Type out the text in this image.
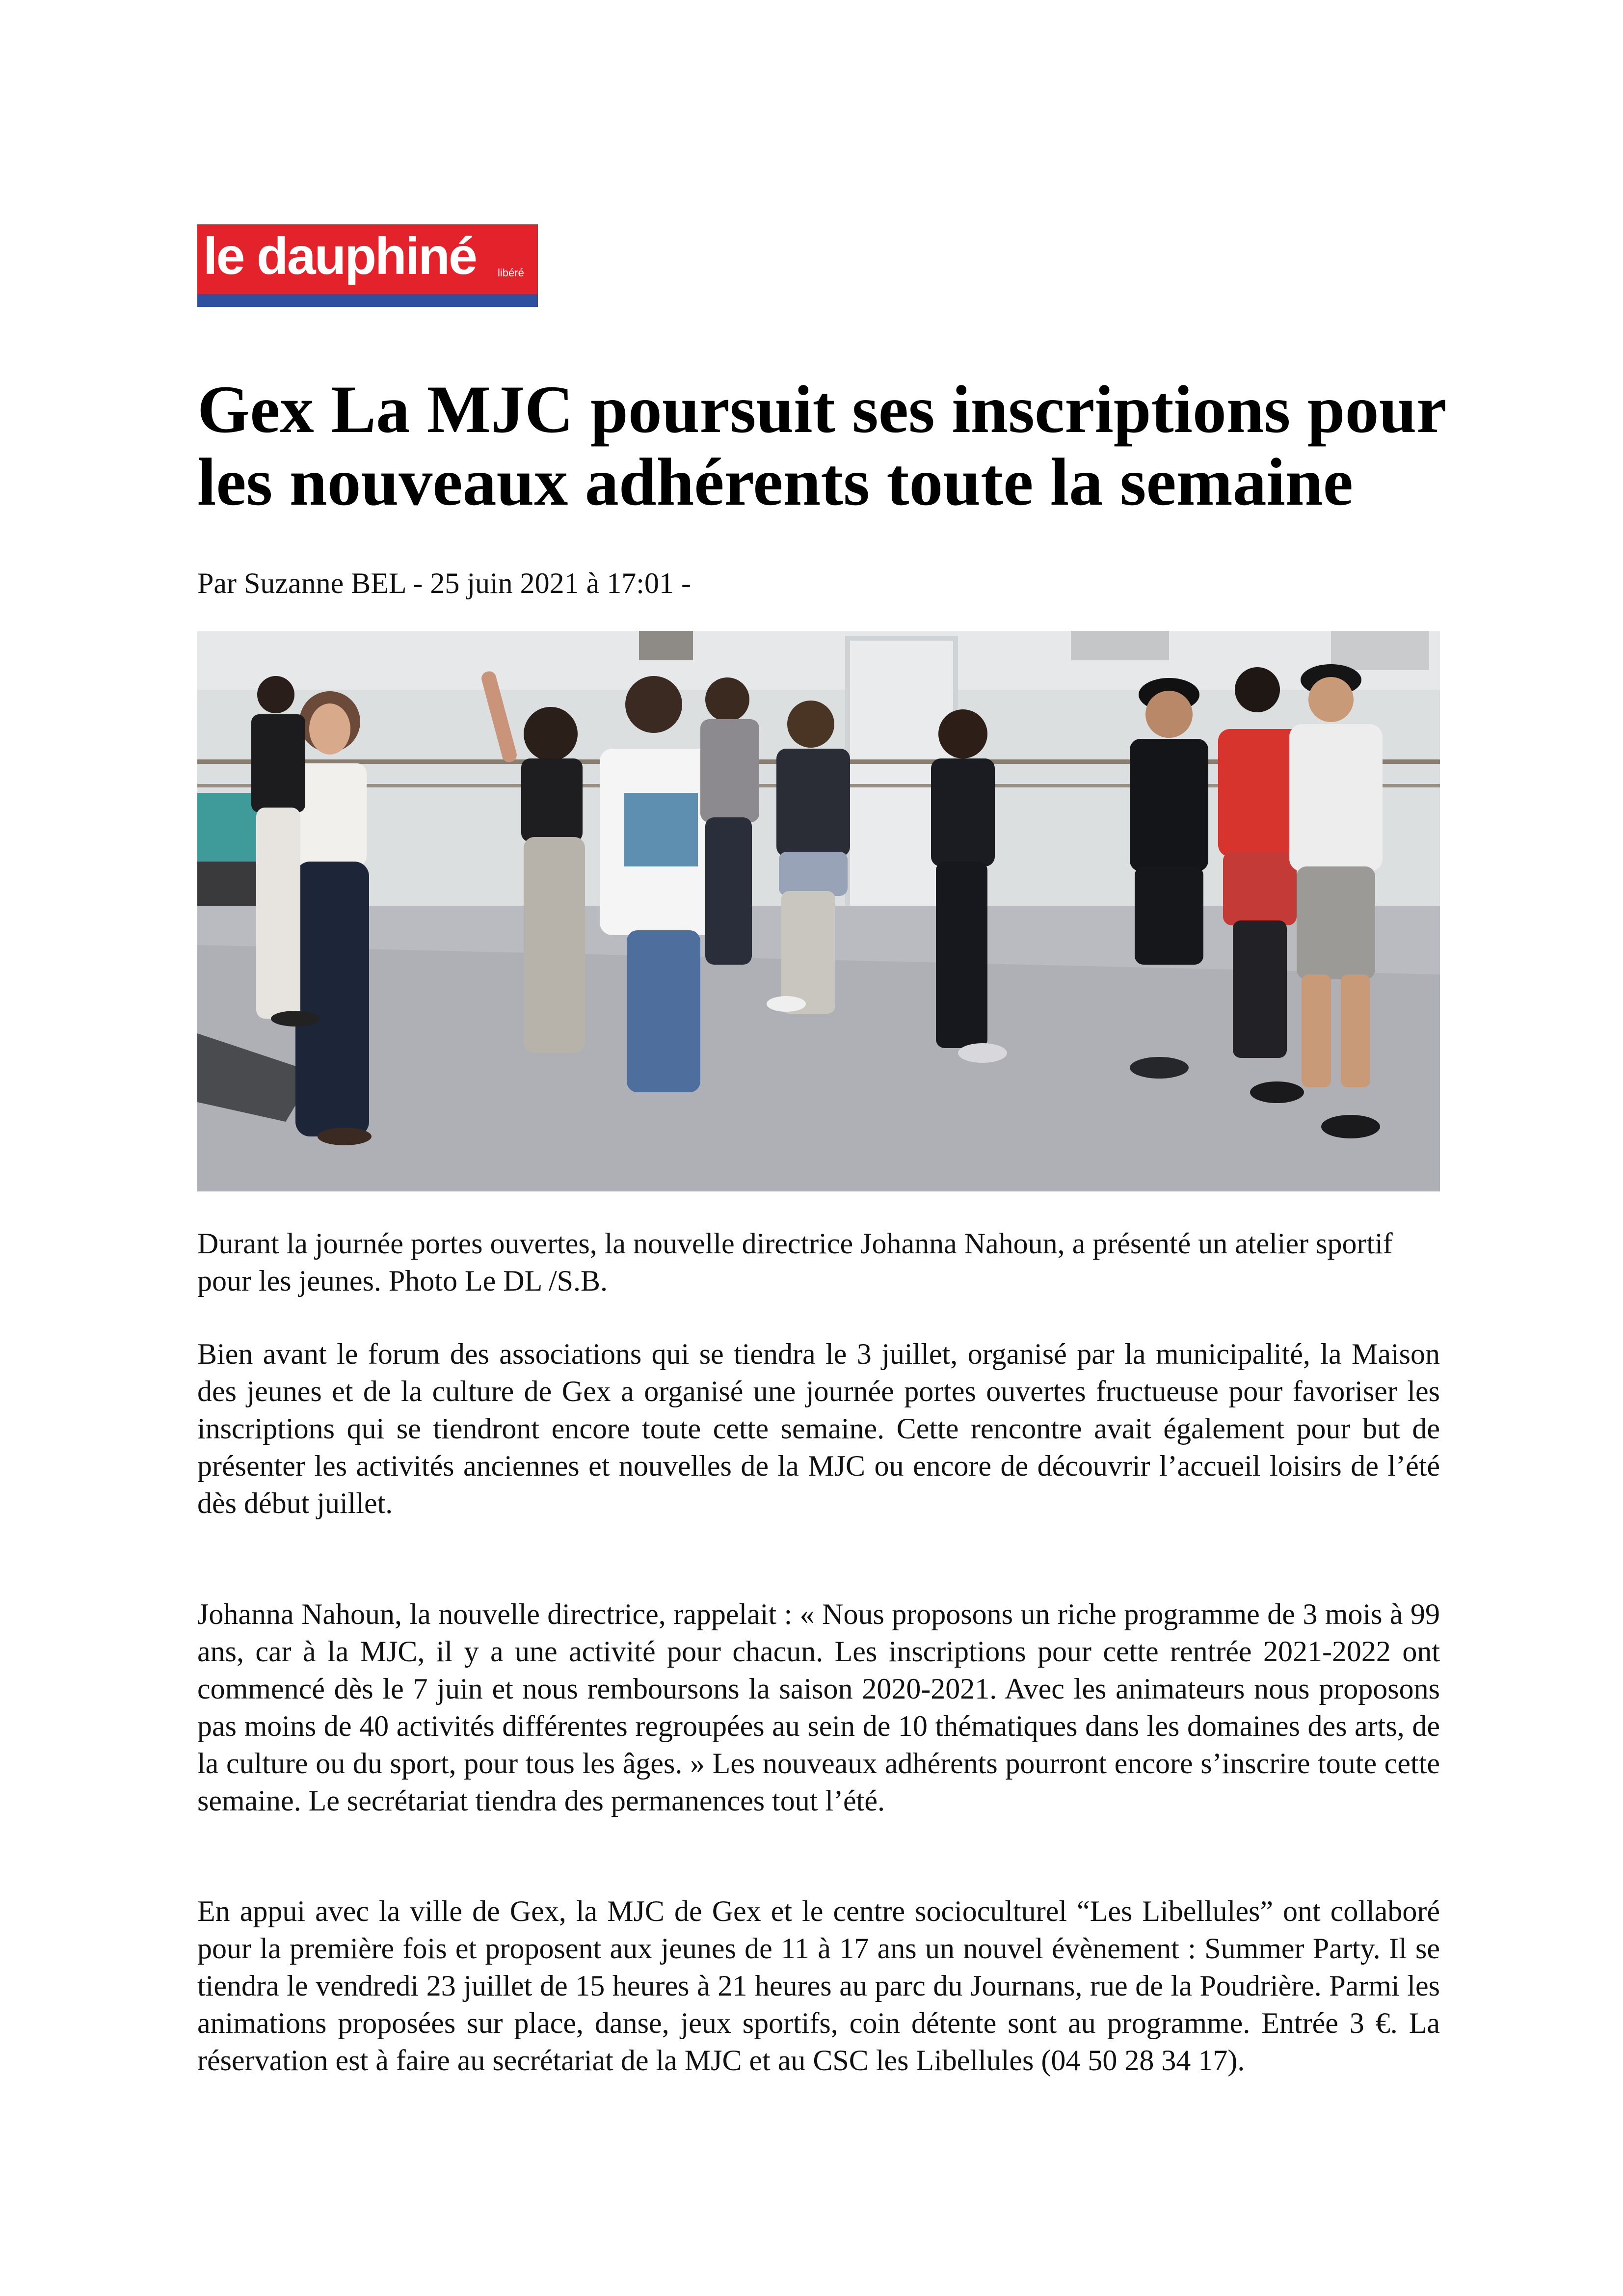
le dauphiné libéré
Gex La MJC poursuit ses inscriptions pour les nouveaux adhérents toute la semaine
Par Suzanne BEL - 25 juin 2021 à 17:01 -

Durant la journée portes ouvertes, la nouvelle directrice Johanna Nahoun, a présenté un atelier sportif pour les jeunes. Photo Le DL /S.B.

Bien avant le forum des associations qui se tiendra le 3 juillet, organisé par la municipalité, la Maison des jeunes et de la culture de Gex a organisé une journée portes ouvertes fructueuse pour favoriser les inscriptions qui se tiendront encore toute cette semaine. Cette rencontre avait également pour but de présenter les activités anciennes et nouvelles de la MJC ou encore de découvrir l’accueil loisirs de l’été dès début juillet.

Johanna Nahoun, la nouvelle directrice, rappelait : « Nous proposons un riche programme de 3 mois à 99 ans, car à la MJC, il y a une activité pour chacun. Les inscriptions pour cette rentrée 2021-2022 ont commencé dès le 7 juin et nous remboursons la saison 2020-2021. Avec les animateurs nous proposons pas moins de 40 activités différentes regroupées au sein de 10 thématiques dans les domaines des arts, de la culture ou du sport, pour tous les âges. » Les nouveaux adhérents pourront encore s’inscrire toute cette semaine. Le secrétariat tiendra des permanences tout l’été.

En appui avec la ville de Gex, la MJC de Gex et le centre socioculturel “Les Libellules” ont collaboré pour la première fois et proposent aux jeunes de 11 à 17 ans un nouvel évènement : Summer Party. Il se tiendra le vendredi 23 juillet de 15 heures à 21 heures au parc du Journans, rue de la Poudrière. Parmi les animations proposées sur place, danse, jeux sportifs, coin détente sont au programme. Entrée 3 €. La réservation est à faire au secrétariat de la MJC et au CSC les Libellules (04 50 28 34 17).
